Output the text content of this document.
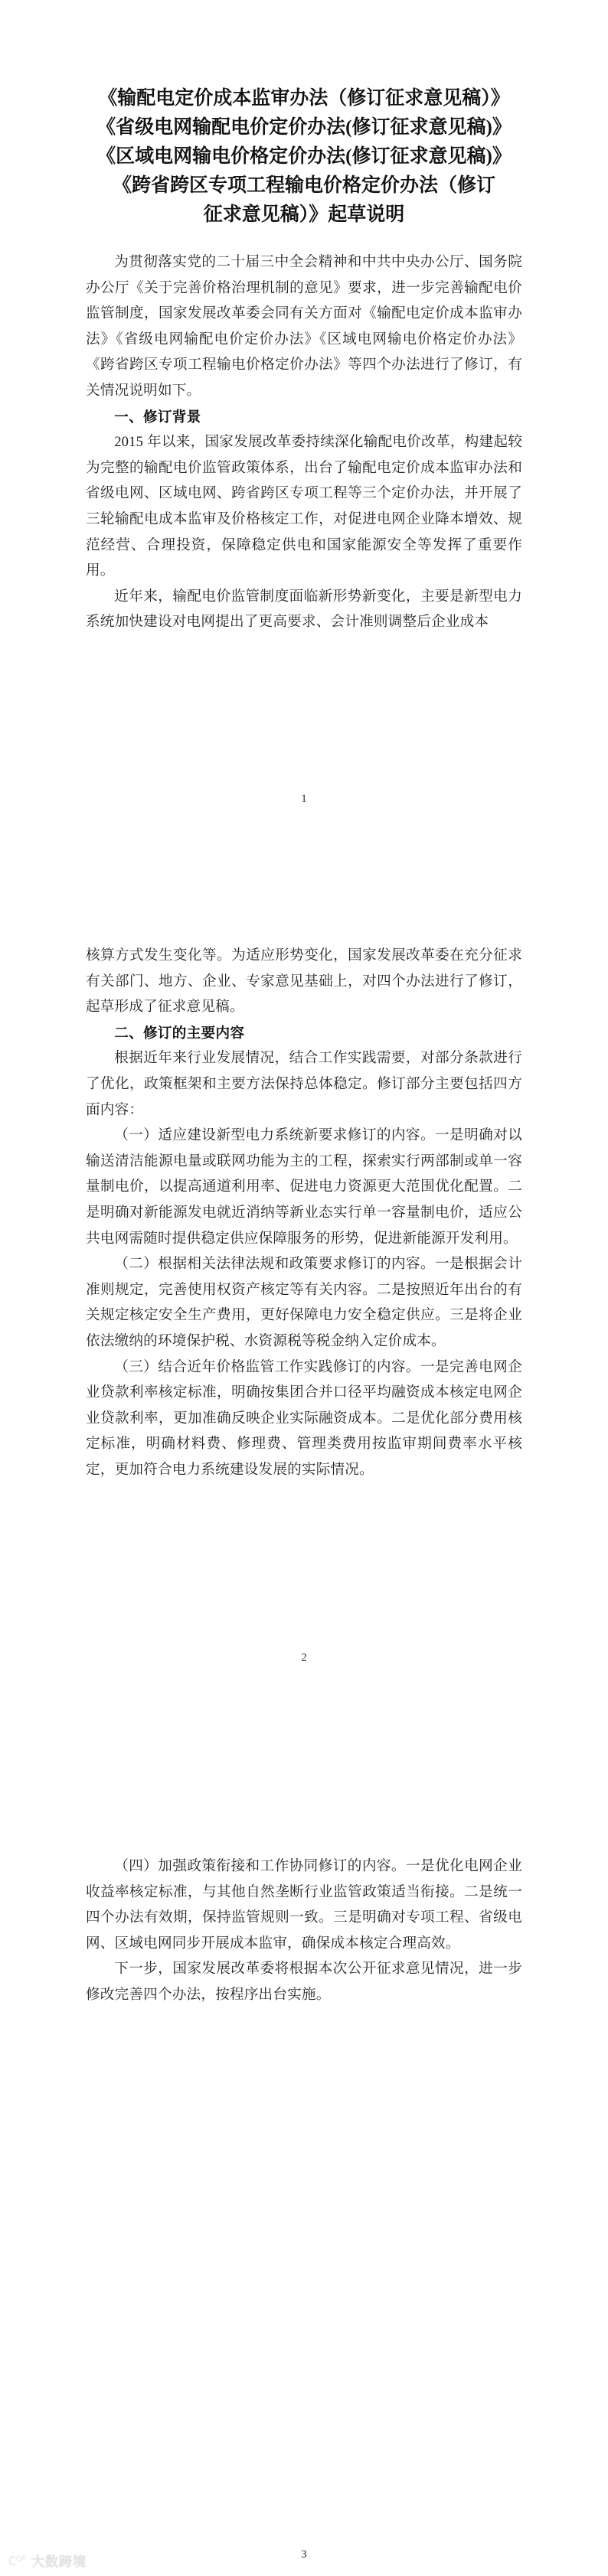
《输配电定价成本监审办法（修订征求意见稿）》
《省级电网输配电价定价办法(修订征求意见稿)》
《区域电网输电价格定价办法(修订征求意见稿)》
《跨省跨区专项工程输电价格定价办法（修订
征求意见稿）》起草说明

为贯彻落实党的二十届三中全会精神和中共中央办公厅、国务院办公厅《关于完善价格治理机制的意见》要求，进一步完善输配电价监管制度，国家发展改革委会同有关方面对《输配电定价成本监审办法》《省级电网输配电价定价办法》《区域电网输电价格定价办法》《跨省跨区专项工程输电价格定价办法》等四个办法进行了修订，有关情况说明如下。

一、修订背景

2015 年以来，国家发展改革委持续深化输配电价改革，构建起较为完整的输配电价监管政策体系，出台了输配电定价成本监审办法和省级电网、区域电网、跨省跨区专项工程等三个定价办法，并开展了三轮输配电成本监审及价格核定工作，对促进电网企业降本增效、规范经营、合理投资，保障稳定供电和国家能源安全等发挥了重要作用。

近年来，输配电价监管制度面临新形势新变化，主要是新型电力系统加快建设对电网提出了更高要求、会计准则调整后企业成本

1

核算方式发生变化等。为适应形势变化，国家发展改革委在充分征求有关部门、地方、企业、专家意见基础上，对四个办法进行了修订，起草形成了征求意见稿。

二、修订的主要内容

根据近年来行业发展情况，结合工作实践需要，对部分条款进行了优化，政策框架和主要方法保持总体稳定。修订部分主要包括四方面内容：

（一）适应建设新型电力系统新要求修订的内容。一是明确对以输送清洁能源电量或联网功能为主的工程，探索实行两部制或单一容量制电价，以提高通道利用率、促进电力资源更大范围优化配置。二是明确对新能源发电就近消纳等新业态实行单一容量制电价，适应公共电网需随时提供稳定供应保障服务的形势，促进新能源开发利用。

（二）根据相关法律法规和政策要求修订的内容。一是根据会计准则规定，完善使用权资产核定等有关内容。二是按照近年出台的有关规定核定安全生产费用，更好保障电力安全稳定供应。三是将企业依法缴纳的环境保护税、水资源税等税金纳入定价成本。

（三）结合近年价格监管工作实践修订的内容。一是完善电网企业贷款利率核定标准，明确按集团合并口径平均融资成本核定电网企业贷款利率，更加准确反映企业实际融资成本。二是优化部分费用核定标准，明确材料费、修理费、管理类费用按监审期间费率水平核定，更加符合电力系统建设发展的实际情况。

2

（四）加强政策衔接和工作协同修订的内容。一是优化电网企业收益率核定标准，与其他自然垄断行业监管政策适当衔接。二是统一四个办法有效期，保持监管规则一致。三是明确对专项工程、省级电网、区域电网同步开展成本监审，确保成本核定合理高效。

下一步，国家发展改革委将根据本次公开征求意见情况，进一步修改完善四个办法，按程序出台实施。

3
大数跨境
